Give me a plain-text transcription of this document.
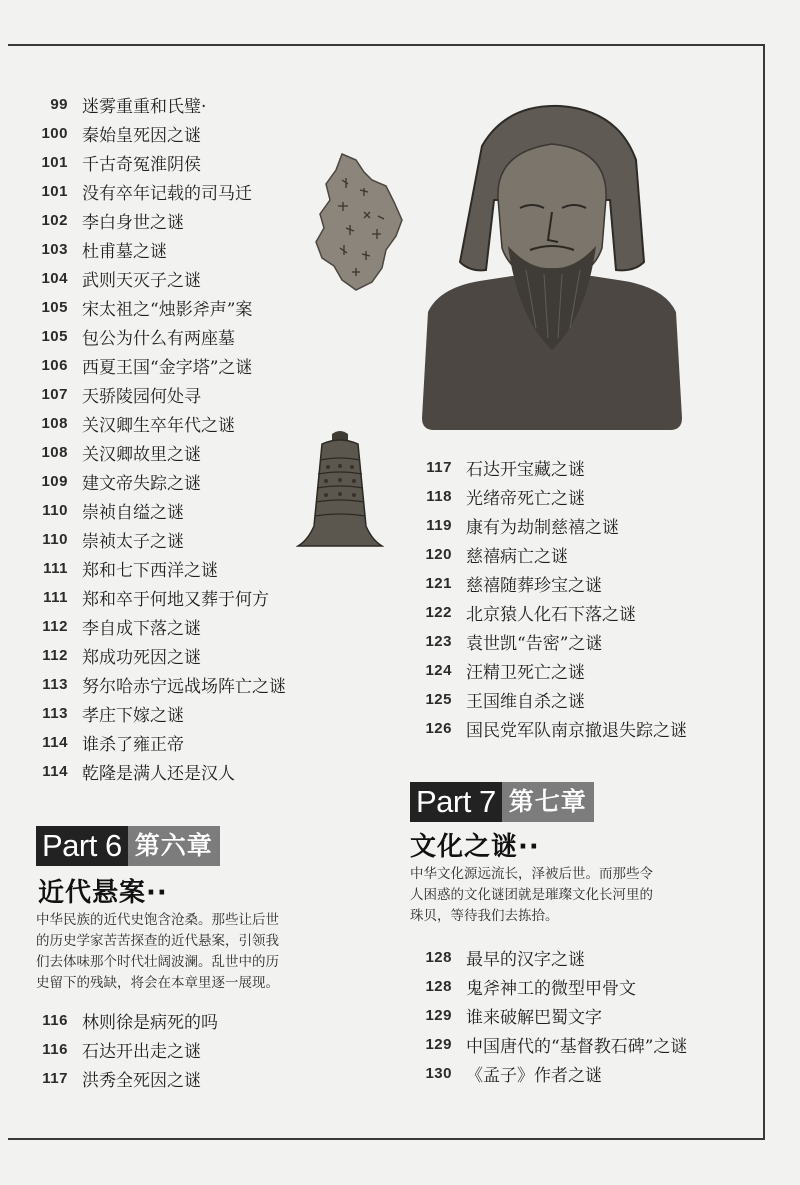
99 迷雾重重和氏璧·
100 秦始皇死因之谜
101 千古奇冤淮阴侯
101 没有卒年记载的司马迁
102 李白身世之谜
103 杜甫墓之谜
104 武则天灭子之谜
105 宋太祖之“烛影斧声”案
105 包公为什么有两座墓
106 西夏王国“金字塔”之谜
107 天骄陵园何处寻
108 关汉卿生卒年代之谜
108 关汉卿故里之谜
109 建文帝失踪之谜
110 崇祯自缢之谜
110 崇祯太子之谜
111 郑和七下西洋之谜
111 郑和卒于何地又葬于何方
112 李自成下落之谜
112 郑成功死因之谜
113 努尔哈赤宁远战场阵亡之谜
113 孝庄下嫁之谜
114 谁杀了雍正帝
114 乾隆是满人还是汉人
117 石达开宝藏之谜
118 光绪帝死亡之谜
119 康有为劫制慈禧之谜
120 慈禧病亡之谜
121 慈禧随葬珍宝之谜
122 北京猿人化石下落之谜
123 袁世凯“告密”之谜
124 汪精卫死亡之谜
125 王国维自杀之谜
126 国民党军队南京撤退失踪之谜
Part 6 第六章
近代悬案··

中华民族的近代史饱含沧桑。那些让后世
的历史学家苦苦探查的近代悬案，引领我
们去体味那个时代壮阔波澜。乱世中的历
史留下的残缺，将会在本章里逐一展现。

116 林则徐是病死的吗
116 石达开出走之谜
117 洪秀全死因之谜
Part 7 第七章
文化之谜··

中华文化源远流长，泽被后世。而那些令
人困惑的文化谜团就是璀璨文化长河里的
珠贝，等待我们去拣拾。

128 最早的汉字之谜
128 鬼斧神工的微型甲骨文
129 谁来破解巴蜀文字
129 中国唐代的“基督教石碑”之谜
130 《孟子》作者之谜
